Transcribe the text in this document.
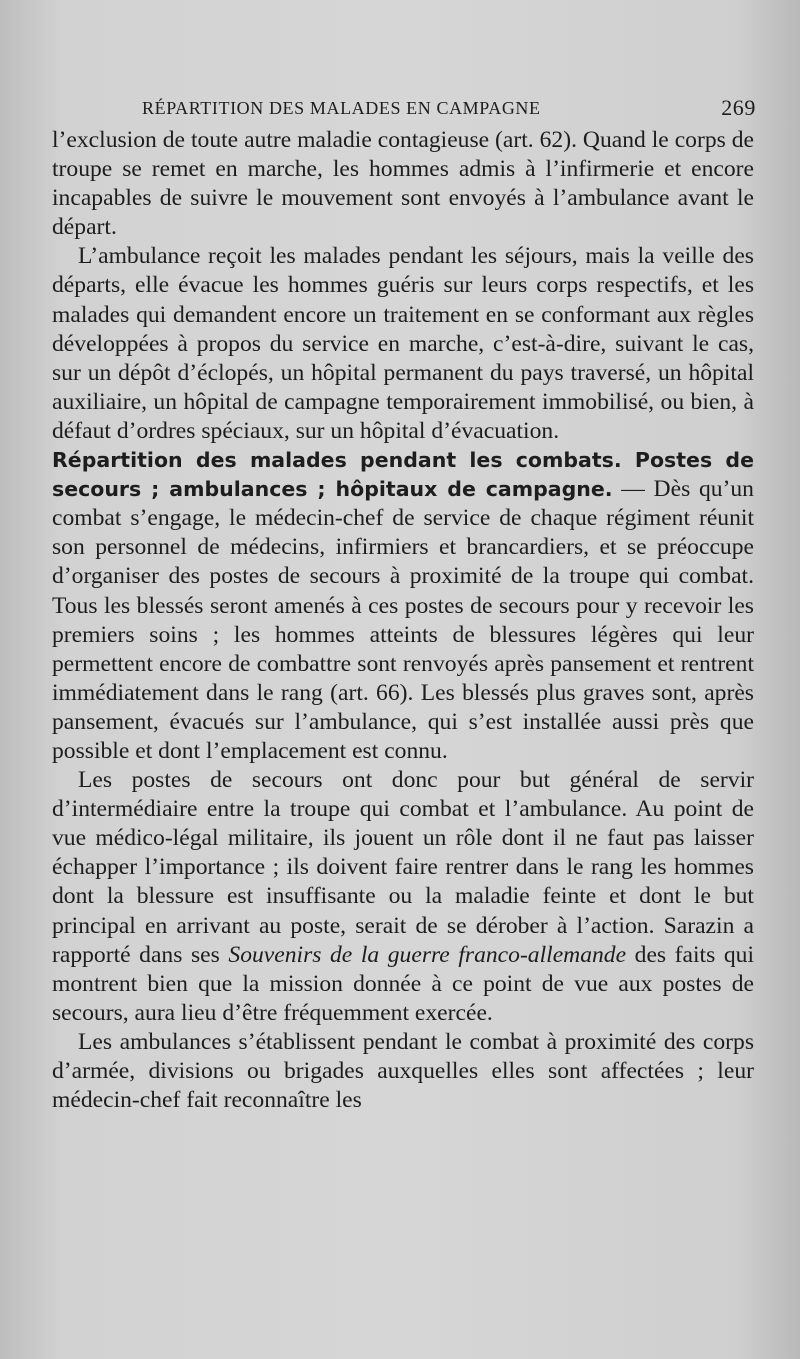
RÉPARTITION DES MALADES EN CAMPAGNE	269

l’exclusion de toute autre maladie contagieuse (art. 62). Quand le corps de troupe se remet en marche, les hommes admis à l’infirmerie et encore incapables de suivre le mouvement sont envoyés à l’ambulance avant le départ.

L’ambulance reçoit les malades pendant les séjours, mais la veille des départs, elle évacue les hommes guéris sur leurs corps respectifs, et les malades qui demandent encore un traitement en se conformant aux règles développées à propos du service en marche, c’est-à-dire, suivant le cas, sur un dépôt d’éclopés, un hôpital permanent du pays traversé, un hôpital auxiliaire, un hôpital de campagne temporairement immobilisé, ou bien, à défaut d’ordres spéciaux, sur un hôpital d’évacuation.

Répartition des malades pendant les combats. Postes de secours ; ambulances ; hôpitaux de campagne. — Dès qu’un combat s’engage, le médecin-chef de service de chaque régiment réunit son personnel de médecins, infirmiers et brancardiers, et se préoccupe d’organiser des postes de secours à proximité de la troupe qui combat. Tous les blessés seront amenés à ces postes de secours pour y recevoir les premiers soins ; les hommes atteints de blessures légères qui leur permettent encore de combattre sont renvoyés après pansement et rentrent immédiatement dans le rang (art. 66). Les blessés plus graves sont, après pansement, évacués sur l’ambulance, qui s’est installée aussi près que possible et dont l’emplacement est connu.

Les postes de secours ont donc pour but général de servir d’intermédiaire entre la troupe qui combat et l’ambulance. Au point de vue médico-légal militaire, ils jouent un rôle dont il ne faut pas laisser échapper l’importance ; ils doivent faire rentrer dans le rang les hommes dont la blessure est insuffisante ou la maladie feinte et dont le but principal en arrivant au poste, serait de se dérober à l’action. Sarazin a rapporté dans ses Souvenirs de la guerre franco-allemande des faits qui montrent bien que la mission donnée à ce point de vue aux postes de secours, aura lieu d’être fréquemment exercée.

Les ambulances s’établissent pendant le combat à proximité des corps d’armée, divisions ou brigades auxquelles elles sont affectées ; leur médecin-chef fait reconnaître les
